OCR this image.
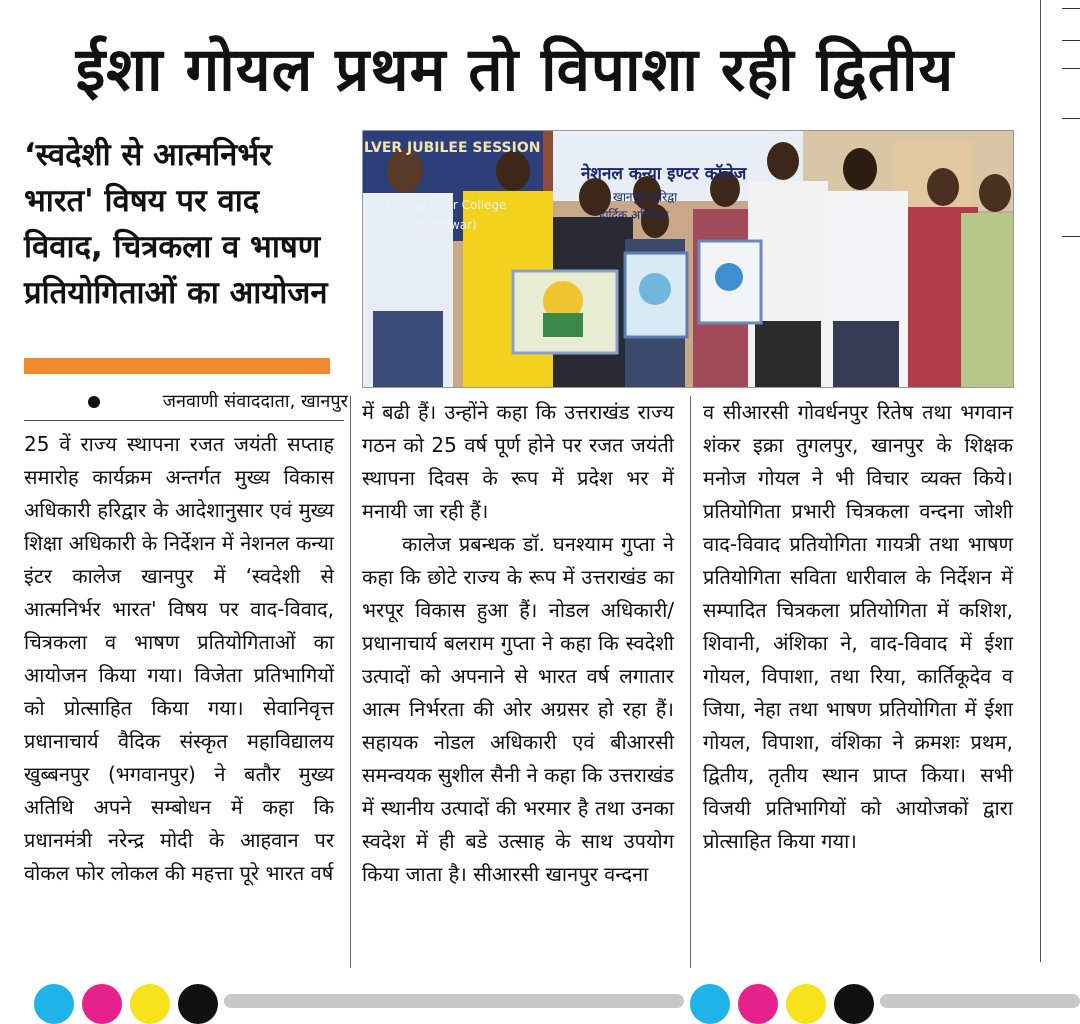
ईशा गोयल प्रथम तो विपाशा रही द्वितीय
‘स्वदेशी से आत्मनिर्भर भारत' विषय पर वाद विवाद, चित्रकला व भाषण प्रतियोगिताओं का आयोजन
जनवाणी संवाददाता, खानपुर
LVER JUBILEE SESSION
Nati al Inter College
(Haridwar)
नेशनल कन्या इण्टर कॉलेज
खानपुर (हरिद्वा
हार्दिक अभिनन्द

25 वें राज्य स्थापना रजत जयंती सप्ताह समारोह कार्यक्रम अन्तर्गत मुख्य विकास अधिकारी हरिद्वार के आदेशानुसार एवं मुख्य शिक्षा अधिकारी के निर्देशन में नेशनल कन्या इंटर कालेज खानपुर में ‘स्वदेशी से आत्मनिर्भर भारत' विषय पर वाद-विवाद, चित्रकला व भाषण प्रतियोगिताओं का आयोजन किया गया। विजेता प्रतिभागियों को प्रोत्साहित किया गया। सेवानिवृत्त प्रधानाचार्य वैदिक संस्कृत महाविद्यालय खुब्बनपुर (भगवानपुर) ने बतौर मुख्य अतिथि अपने सम्बोधन में कहा कि प्रधानमंत्री नरेन्द्र मोदी के आहवान पर वोकल फोर लोकल की महत्ता पूरे भारत वर्ष

में बढी हैं। उन्होंने कहा कि उत्तराखंड राज्य गठन को 25 वर्ष पूर्ण होने पर रजत जयंती स्थापना दिवस के रूप में प्रदेश भर में मनायी जा रही हैं।

कालेज प्रबन्धक डॉ. घनश्याम गुप्ता ने कहा कि छोटे राज्य के रूप में उत्तराखंड का भरपूर विकास हुआ हैं। नोडल अधिकारी/प्रधानाचार्य बलराम गुप्ता ने कहा कि स्वदेशी उत्पादों को अपनाने से भारत वर्ष लगातार आत्म निर्भरता की ओर अग्रसर हो रहा हैं। सहायक नोडल अधिकारी एवं बीआरसी समन्वयक सुशील सैनी ने कहा कि उत्तराखंड में स्थानीय उत्पादों की भरमार है तथा उनका स्वदेश में ही बडे उत्साह के साथ उपयोग किया जाता है। सीआरसी खानपुर वन्दना

व सीआरसी गोवर्धनपुर रितेष तथा भगवान शंकर इक्रा तुगलपुर, खानपुर के शिक्षक मनोज गोयल ने भी विचार व्यक्त किये। प्रतियोगिता प्रभारी चित्रकला वन्दना जोशी वाद-विवाद प्रतियोगिता गायत्री तथा भाषण प्रतियोगिता सविता धारीवाल के निर्देशन में सम्पादित चित्रकला प्रतियोगिता में कशिश, शिवानी, अंशिका ने, वाद-विवाद में ईशा गोयल, विपाशा, तथा रिया, कार्तिकूदेव व जिया, नेहा तथा भाषण प्रतियोगिता में ईशा गोयल, विपाशा, वंशिका ने क्रमशः प्रथम, द्वितीय, तृतीय स्थान प्राप्त किया। सभी विजयी प्रतिभागियों को आयोजकों द्वारा प्रोत्साहित किया गया।
